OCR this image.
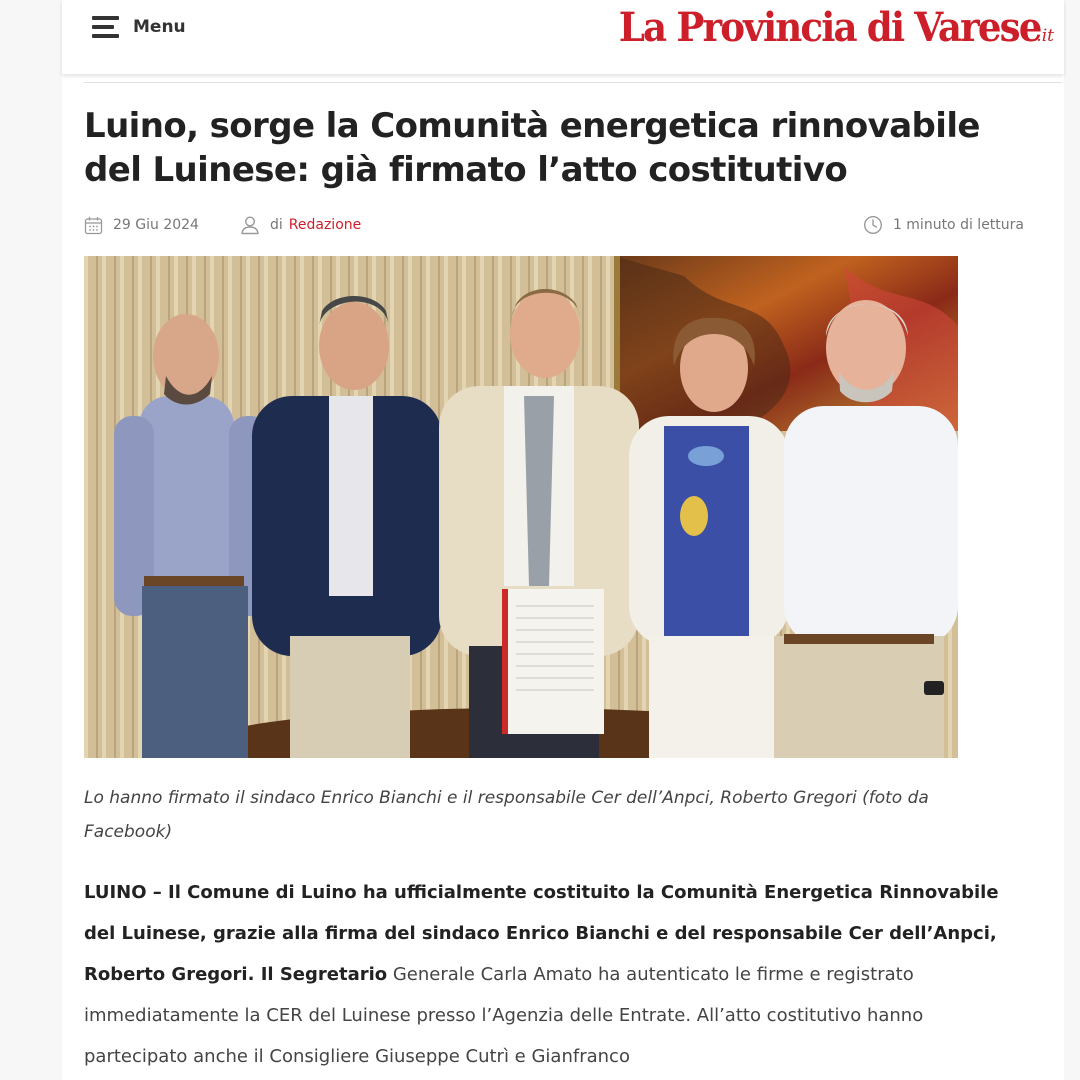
Menu	La Provincia di Varese.it
Luino, sorge la Comunità energetica rinnovabile del Luinese: già firmato l’atto costitutivo
29 Giu 2024	di Redazione	1 minuto di lettura

Lo hanno firmato il sindaco Enrico Bianchi e il responsabile Cer dell’Anpci, Roberto Gregori (foto da Facebook)

LUINO – Il Comune di Luino ha ufficialmente costituito la Comunità Energetica Rinnovabile del Luinese, grazie alla firma del sindaco Enrico Bianchi e del responsabile Cer dell’Anpci, Roberto Gregori. Il Segretario Generale Carla Amato ha autenticato le firme e registrato immediatamente la CER del Luinese presso l’Agenzia delle Entrate. All’atto costitutivo hanno partecipato anche il Consigliere Giuseppe Cutrì e Gianfranco
